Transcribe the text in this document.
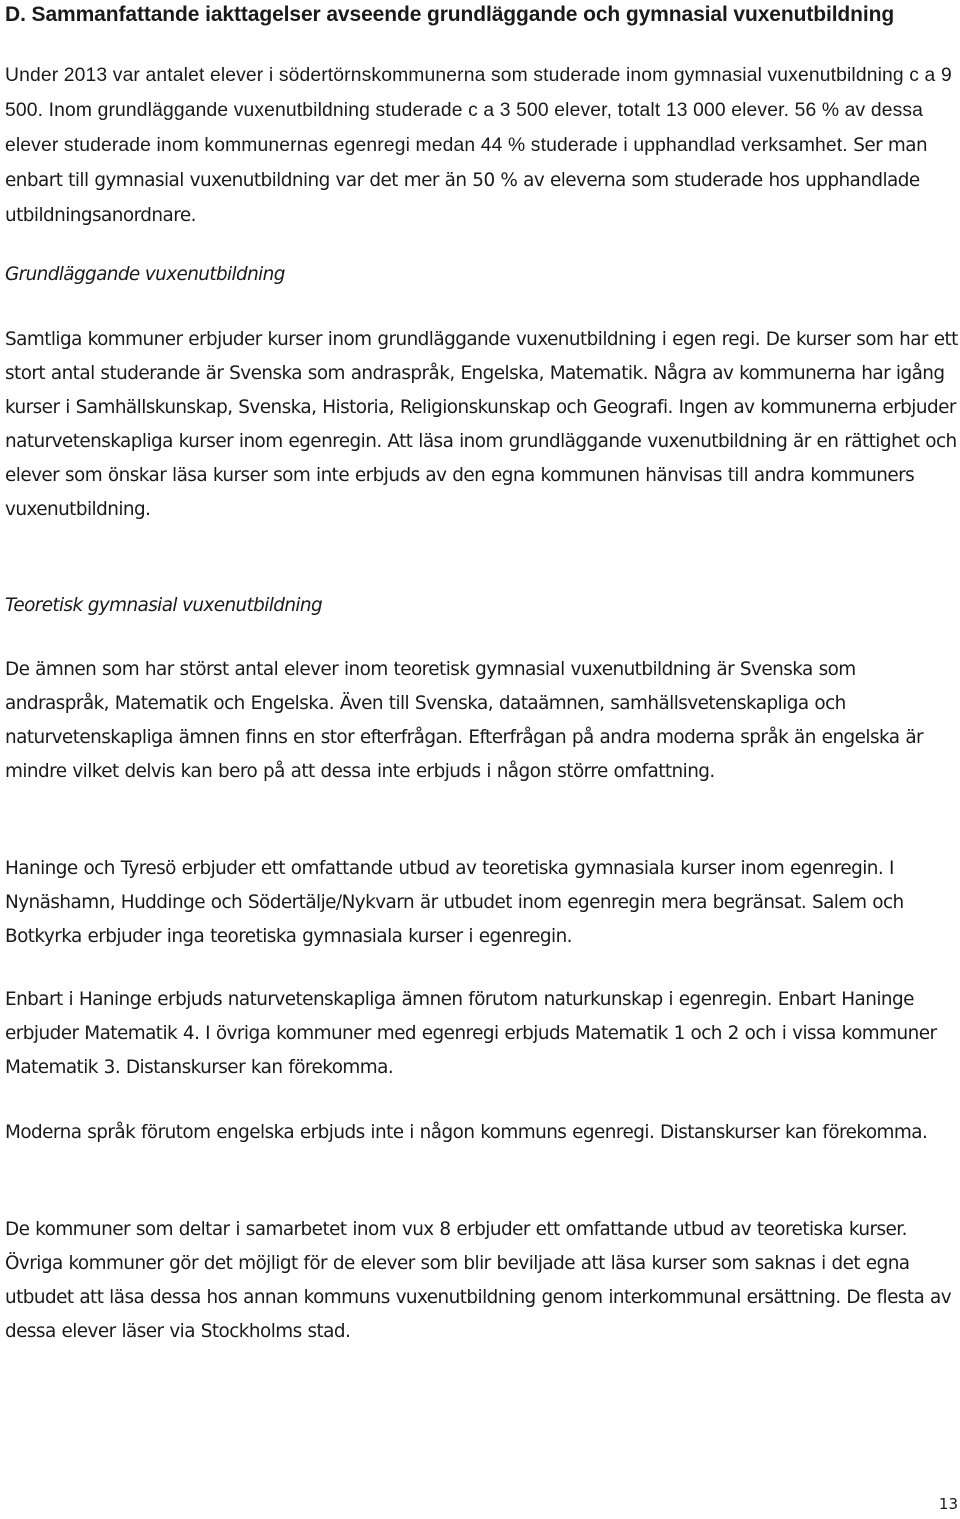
D. Sammanfattande iakttagelser avseende grundläggande och gymnasial vuxenutbildning

Under 2013 var antalet elever i södertörnskommunerna som studerade inom gymnasial vuxenutbildning c a 9 500. Inom grundläggande vuxenutbildning studerade c a 3 500 elever, totalt 13 000 elever. 56 % av dessa elever studerade inom kommunernas egenregi medan 44 % studerade i upphandlad verksamhet. Ser man enbart till gymnasial vuxenutbildning var det mer än 50 % av eleverna som studerade hos upphandlade utbildningsanordnare.

Grundläggande vuxenutbildning

Samtliga kommuner erbjuder kurser inom grundläggande vuxenutbildning i egen regi. De kurser som har ett stort antal studerande är Svenska som andraspråk, Engelska, Matematik. Några av kommunerna har igång kurser i Samhällskunskap, Svenska, Historia, Religionskunskap och Geografi. Ingen av kommunerna erbjuder naturvetenskapliga kurser inom egenregin. Att läsa inom grundläggande vuxenutbildning är en rättighet och elever som önskar läsa kurser som inte erbjuds av den egna kommunen hänvisas till andra kommuners vuxenutbildning.

Teoretisk gymnasial vuxenutbildning

De ämnen som har störst antal elever inom teoretisk gymnasial vuxenutbildning är Svenska som andraspråk, Matematik och Engelska. Även till Svenska, dataämnen, samhällsvetenskapliga och naturvetenskapliga ämnen finns en stor efterfrågan. Efterfrågan på andra moderna språk än engelska är mindre vilket delvis kan bero på att dessa inte erbjuds i någon större omfattning.

Haninge och Tyresö erbjuder ett omfattande utbud av teoretiska gymnasiala kurser inom egenregin. I Nynäshamn, Huddinge och Södertälje/Nykvarn är utbudet inom egenregin mera begränsat. Salem och Botkyrka erbjuder inga teoretiska gymnasiala kurser i egenregin.

Enbart i Haninge erbjuds naturvetenskapliga ämnen förutom naturkunskap i egenregin. Enbart Haninge erbjuder Matematik 4. I övriga kommuner med egenregi erbjuds Matematik 1 och 2 och i vissa kommuner Matematik 3. Distanskurser kan förekomma.

Moderna språk förutom engelska erbjuds inte i någon kommuns egenregi. Distanskurser kan förekomma.

De kommuner som deltar i samarbetet inom vux 8 erbjuder ett omfattande utbud av teoretiska kurser. Övriga kommuner gör det möjligt för de elever som blir beviljade att läsa kurser som saknas i det egna utbudet att läsa dessa hos annan kommuns vuxenutbildning genom interkommunal ersättning. De flesta av dessa elever läser via Stockholms stad.

13
